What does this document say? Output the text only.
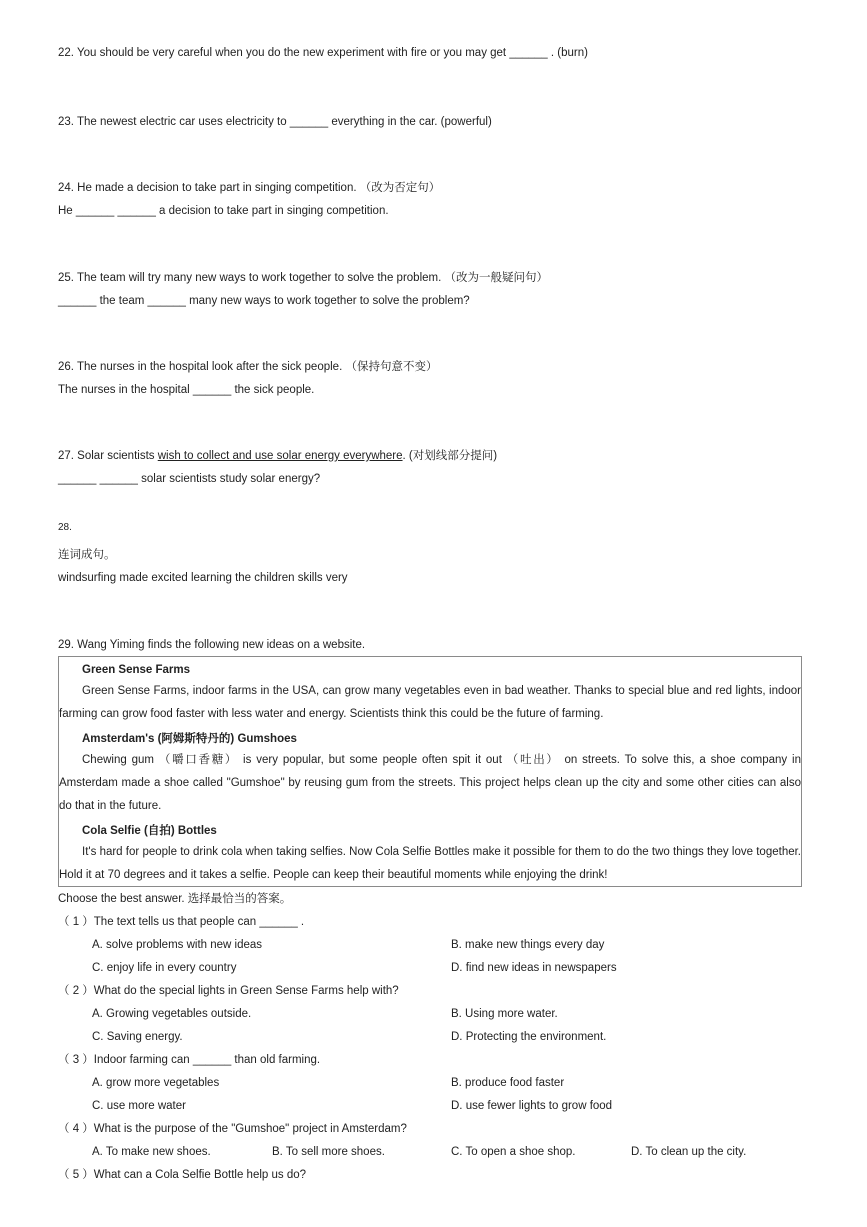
22. You should be very careful when you do the new experiment with fire or you may get ______ . (burn)
23. The newest electric car uses electricity to ______ everything in the car. (powerful)
24. He made a decision to take part in singing competition. （改为否定句）
He ______ ______ a decision to take part in singing competition.
25. The team will try many new ways to work together to solve the problem. （改为一般疑问句）
______ the team ______ many new ways to work together to solve the problem?
26. The nurses in the hospital look after the sick people. （保持句意不变）
The nurses in the hospital ______ the sick people.
27. Solar scientists wish to collect and use solar energy everywhere. (对划线部分提问)
______ ______ solar scientists study solar energy?
28.
连词成句。
windsurfing made excited learning the children skills very
29. Wang Yiming finds the following new ideas on a website.
Green Sense Farms

Green Sense Farms, indoor farms in the USA, can grow many vegetables even in bad weather. Thanks to special blue and red lights, indoor farming can grow food faster with less water and energy. Scientists think this could be the future of farming.

Amsterdam's (阿姆斯特丹的) Gumshoes

Chewing gum （嚼口香糖） is very popular, but some people often spit it out （吐出） on streets. To solve this, a shoe company in Amsterdam made a shoe called "Gumshoe" by reusing gum from the streets. This project helps clean up the city and some other cities can also do that in the future.

Cola Selfie (自拍) Bottles

It's hard for people to drink cola when taking selfies. Now Cola Selfie Bottles make it possible for them to do the two things they love together. Hold it at 70 degrees and it takes a selfie. People can keep their beautiful moments while enjoying the drink!

Choose the best answer. 选择最恰当的答案。
（ 1 ）The text tells us that people can ______ .
A. solve problems with new ideas	B. make new things every day
C. enjoy life in every country	D. find new ideas in newspapers
（ 2 ）What do the special lights in Green Sense Farms help with?
A. Growing vegetables outside.	B. Using more water.
C. Saving energy.	D. Protecting the environment.
（ 3 ）Indoor farming can ______ than old farming.
A. grow more vegetables	B. produce food faster
C. use more water	D. use fewer lights to grow food
（ 4 ）What is the purpose of the "Gumshoe" project in Amsterdam?
A. To make new shoes.	B. To sell more shoes.	C. To open a shoe shop.	D. To clean up the city.
（ 5 ）What can a Cola Selfie Bottle help us do?
